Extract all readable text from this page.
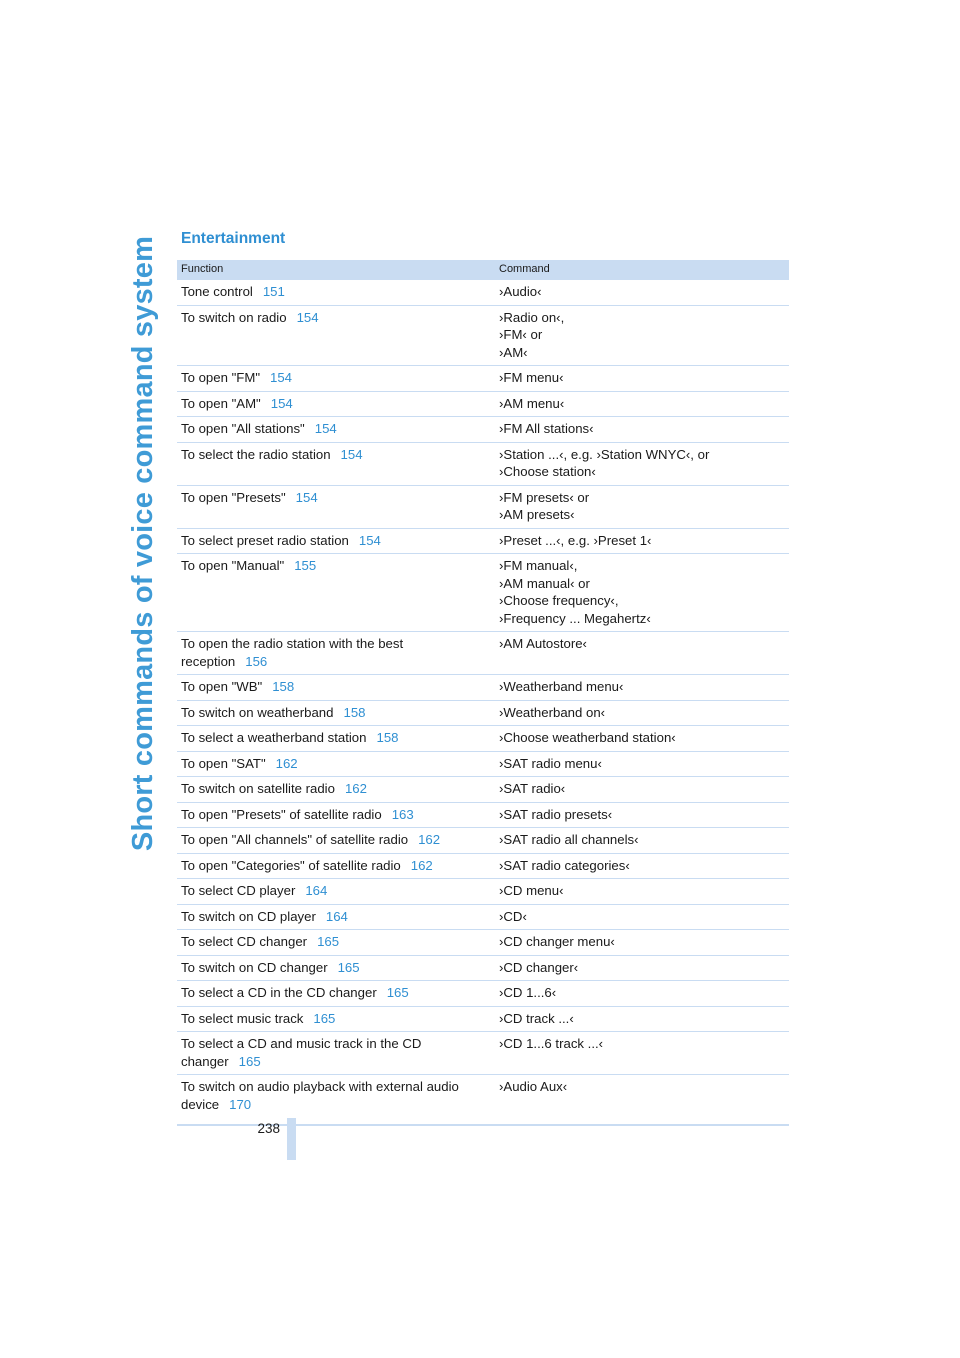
Short commands of voice command system Entertainment
Function	Command
Tone control 151	›Audio‹

To switch on radio 154	›Radio on‹,
›FM‹ or
›AM‹

To open "FM" 154	›FM menu‹

To open "AM" 154	›AM menu‹

To open "All stations" 154	›FM All stations‹

To select the radio station 154	›Station ...‹, e.g. ›Station WNYC‹, or
›Choose station‹

To open "Presets" 154	›FM presets‹ or
›AM presets‹

To select preset radio station 154	›Preset ...‹, e.g. ›Preset 1‹

To open "Manual" 155	›FM manual‹,
›AM manual‹ or
›Choose frequency‹,
›Frequency ... Megahertz‹

To open the radio station with the best reception 156	›AM Autostore‹

To open "WB" 158	›Weatherband menu‹

To switch on weatherband 158	›Weatherband on‹

To select a weatherband station 158	›Choose weatherband station‹

To open "SAT" 162	›SAT radio menu‹

To switch on satellite radio 162	›SAT radio‹

To open "Presets" of satellite radio 163	›SAT radio presets‹

To open "All channels" of satellite radio 162	›SAT radio all channels‹

To open "Categories" of satellite radio 162	›SAT radio categories‹

To select CD player 164	›CD menu‹

To switch on CD player 164	›CD‹

To select CD changer 165	›CD changer menu‹

To switch on CD changer 165	›CD changer‹

To select a CD in the CD changer 165	›CD 1...6‹

To select music track 165	›CD track ...‹

To select a CD and music track in the CD changer 165	›CD 1...6 track ...‹

To switch on audio playback with external audio device 170	›Audio Aux‹
238
